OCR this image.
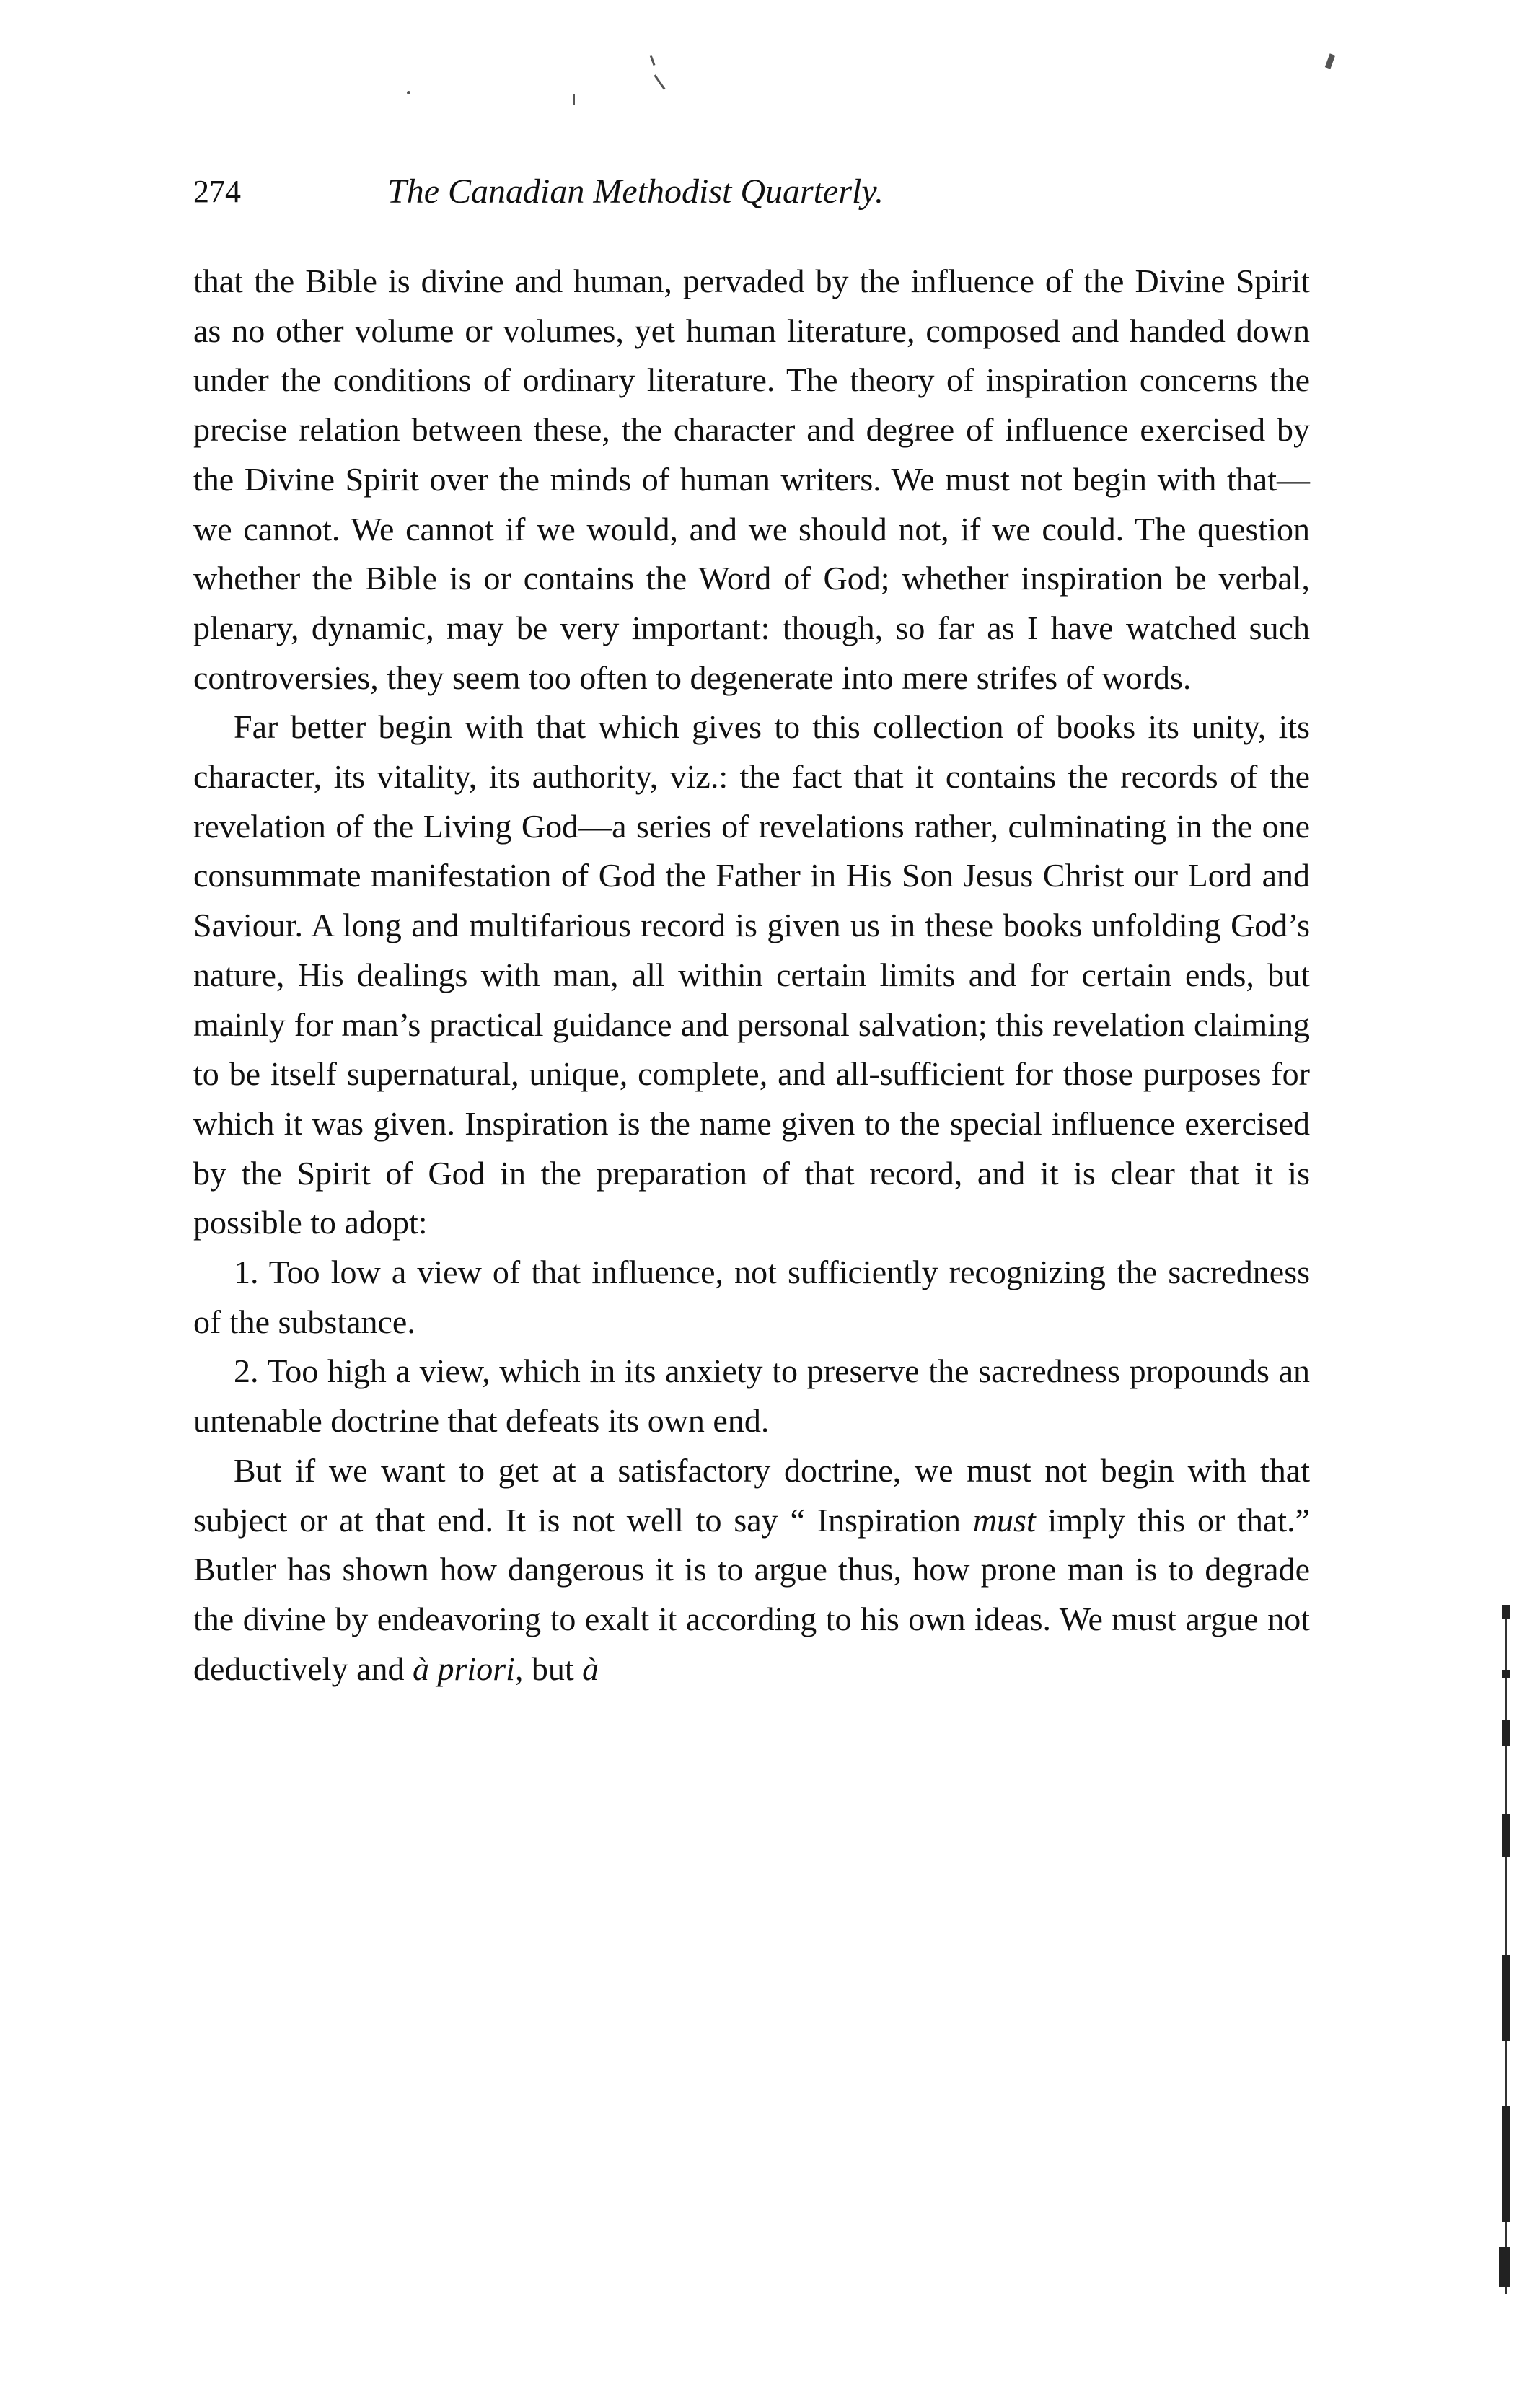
274	The Canadian Methodist Quarterly.

that the Bible is divine and human, pervaded by the influence of the Divine Spirit as no other volume or volumes, yet human literature, composed and handed down under the conditions of ordinary literature. The theory of inspiration concerns the precise relation between these, the character and degree of influence exercised by the Divine Spirit over the minds of human writers. We must not begin with that—we cannot. We cannot if we would, and we should not, if we could. The question whether the Bible is or contains the Word of God; whether inspiration be verbal, plenary, dynamic, may be very important: though, so far as I have watched such controversies, they seem too often to degenerate into mere strifes of words.

Far better begin with that which gives to this collection of books its unity, its character, its vitality, its authority, viz.: the fact that it contains the records of the revelation of the Living God—a series of revelations rather, culminating in the one consummate manifestation of God the Father in His Son Jesus Christ our Lord and Saviour. A long and multifarious record is given us in these books unfolding God’s nature, His dealings with man, all within certain limits and for certain ends, but mainly for man’s practical guidance and personal salvation; this revelation claiming to be itself supernatural, unique, complete, and all-sufficient for those purposes for which it was given. Inspiration is the name given to the special influence exercised by the Spirit of God in the preparation of that record, and it is clear that it is possible to adopt:

1. Too low a view of that influence, not sufficiently recognizing the sacredness of the substance.

2. Too high a view, which in its anxiety to preserve the sacredness propounds an untenable doctrine that defeats its own end.

But if we want to get at a satisfactory doctrine, we must not begin with that subject or at that end. It is not well to say “ Inspiration must imply this or that.” Butler has shown how dangerous it is to argue thus, how prone man is to degrade the divine by endeavoring to exalt it according to his own ideas. We must argue not deductively and à priori, but à
